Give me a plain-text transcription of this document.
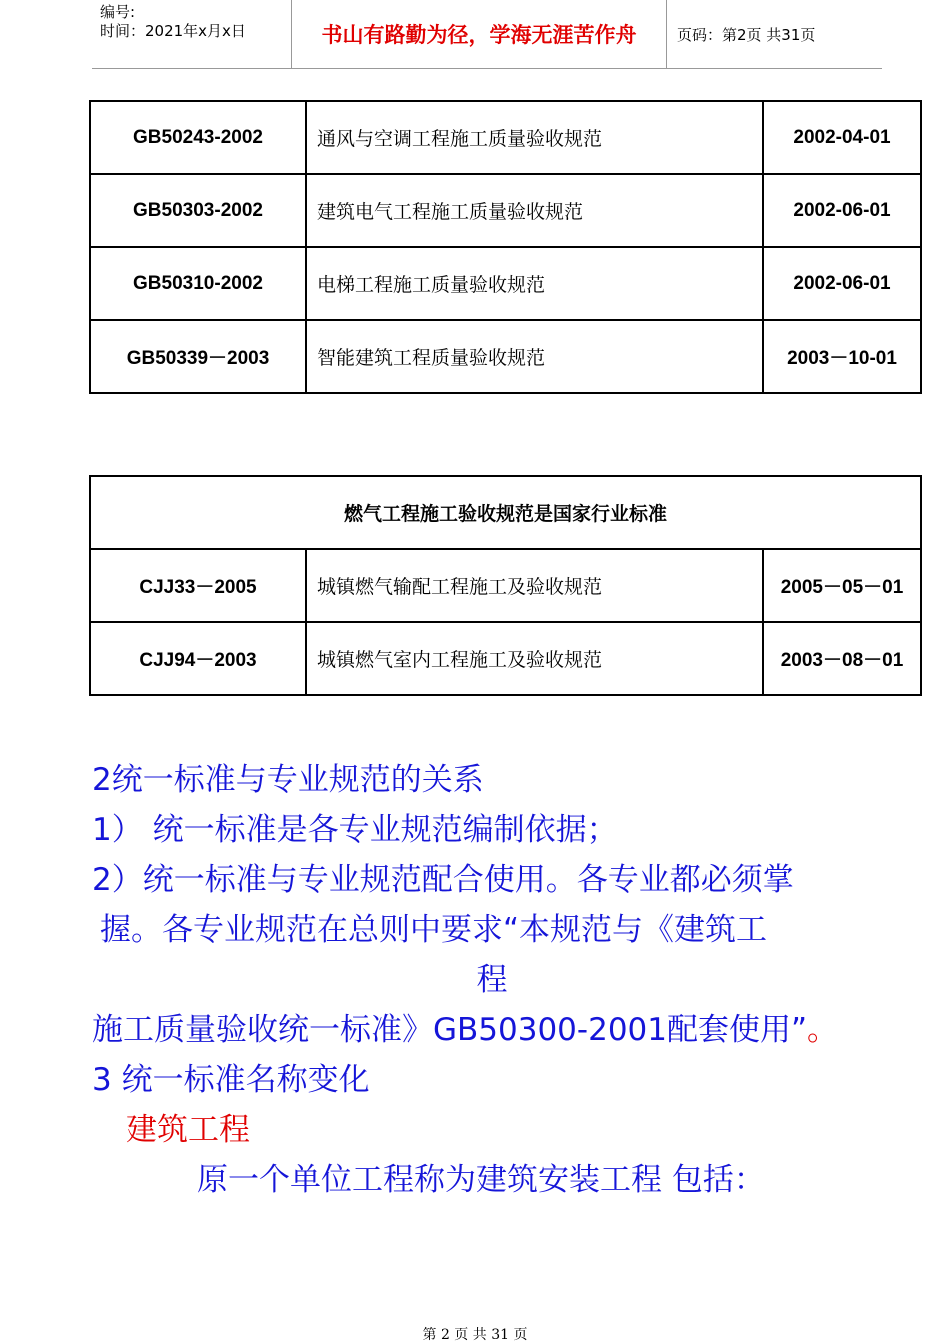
编号:
时间：2021年x月x日	书山有路勤为径，学海无涯苦作舟	页码：第2页 共31页
GB50243-2002	通风与空调工程施工质量验收规范	2002-04-01
GB50303-2002	建筑电气工程施工质量验收规范	2002-06-01
GB50310-2002	电梯工程施工质量验收规范	2002-06-01
GB50339－2003	智能建筑工程质量验收规范	2003－10-01
燃气工程施工验收规范是国家行业标准		
CJJ33－2005	城镇燃气输配工程施工及验收规范	2005－05－01
CJJ94－2003	城镇燃气室内工程施工及验收规范	2003－08－01
2统一标准与专业规范的关系
1） 统一标准是各专业规范编制依据；
2）统一标准与专业规范配合使用。各专业都必须掌
握。各专业规范在总则中要求“本规范与《建筑工
程
施工质量验收统一标准》GB50300-2001配套使用”。
3 统一标准名称变化
建筑工程
原一个单位工程称为建筑安装工程 包括：
第 2 页 共 31 页
